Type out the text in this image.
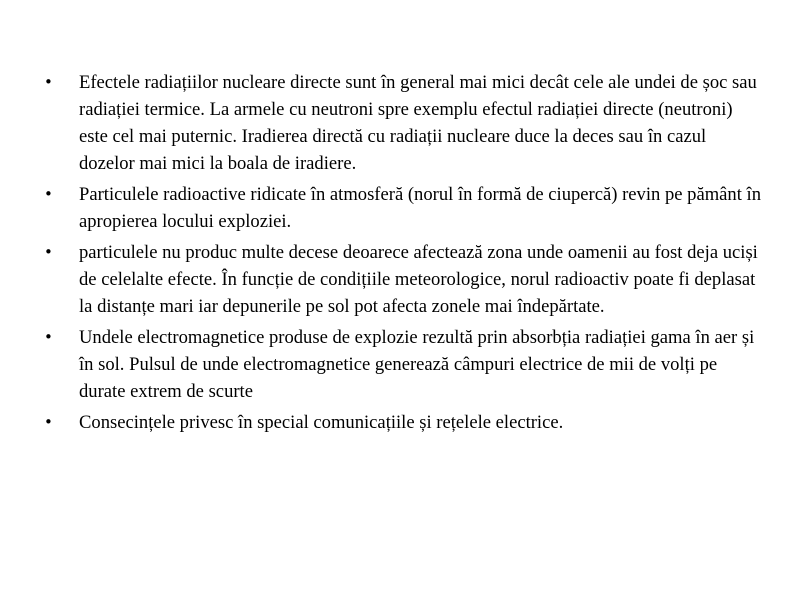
•	Efectele radiațiilor nucleare directe sunt în general mai mici decât cele ale undei de șoc sau radiației termice. La armele cu neutroni spre exemplu efectul radiației directe (neutroni) este cel mai puternic. Iradierea directă cu radiații nucleare duce la deces sau în cazul dozelor mai mici la boala de iradiere.
•	Particulele radioactive ridicate în atmosferă (norul în formă de ciupercă) revin pe pământ în apropierea locului exploziei.
•	particulele nu produc multe decese deoarece afectează zona unde oamenii au fost deja uciși de celelalte efecte. În funcție de condițiile meteorologice, norul radioactiv poate fi deplasat la distanțe mari iar depunerile pe sol pot afecta zonele mai îndepărtate.
•	Undele electromagnetice produse de explozie rezultă prin absorbția radiației gama în aer și în sol. Pulsul de unde electromagnetice generează câmpuri electrice de mii de volți pe durate extrem de scurte
•	Consecințele privesc în special comunicațiile și rețelele electrice.
